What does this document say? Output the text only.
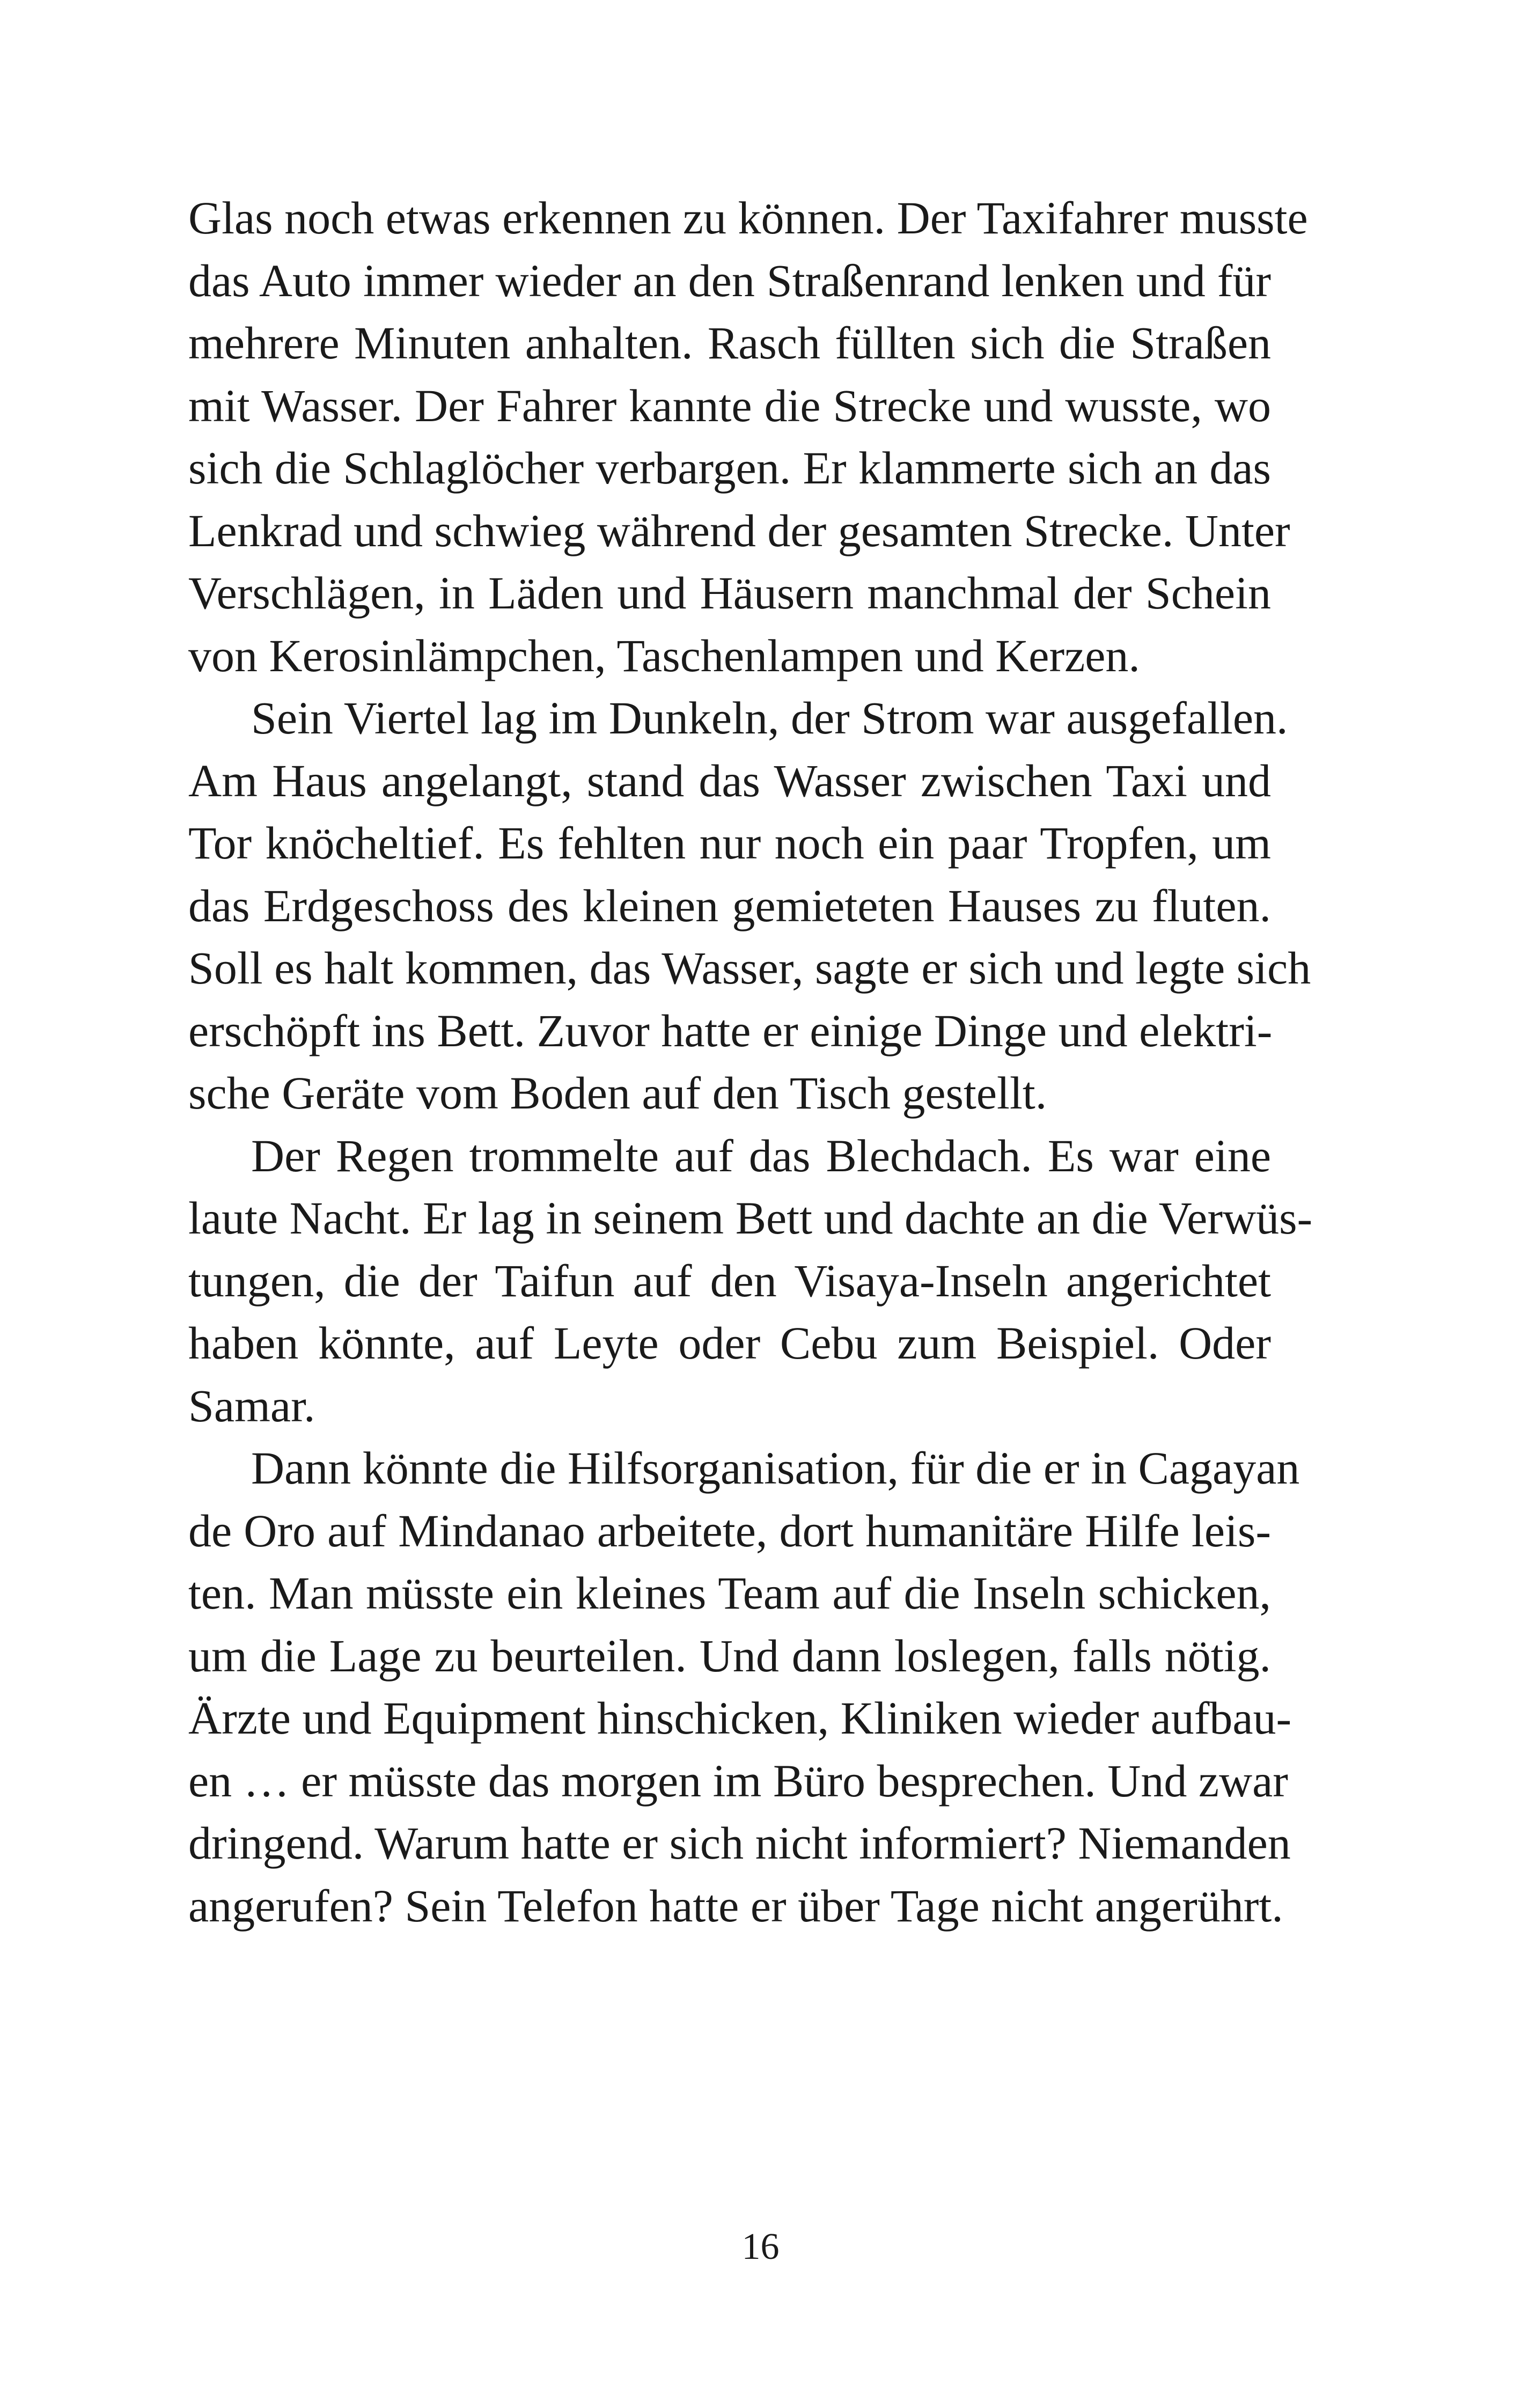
Glas noch etwas erkennen zu können. Der Taxifahrer musste
das Auto immer wieder an den Straßenrand lenken und für
mehrere Minuten anhalten. Rasch füllten sich die Straßen
mit Wasser. Der Fahrer kannte die Strecke und wusste, wo
sich die Schlaglöcher verbargen. Er klammerte sich an das
Lenkrad und schwieg während der gesamten Strecke. Unter
Verschlägen, in Läden und Häusern manchmal der Schein
von Kerosinlämpchen, Taschenlampen und Kerzen.
Sein Viertel lag im Dunkeln, der Strom war ausgefallen.
Am Haus angelangt, stand das Wasser zwischen Taxi und
Tor knöcheltief. Es fehlten nur noch ein paar Tropfen, um
das Erdgeschoss des kleinen gemieteten Hauses zu fluten.
Soll es halt kommen, das Wasser, sagte er sich und legte sich
erschöpft ins Bett. Zuvor hatte er einige Dinge und elektri-
sche Geräte vom Boden auf den Tisch gestellt.
Der Regen trommelte auf das Blechdach. Es war eine
laute Nacht. Er lag in seinem Bett und dachte an die Verwüs-
tungen, die der Taifun auf den Visaya-Inseln angerichtet
haben könnte, auf Leyte oder Cebu zum Beispiel. Oder
Samar.
Dann könnte die Hilfsorganisation, für die er in Cagayan
de Oro auf Mindanao arbeitete, dort humanitäre Hilfe leis-
ten. Man müsste ein kleines Team auf die Inseln schicken,
um die Lage zu beurteilen. Und dann loslegen, falls nötig.
Ärzte und Equipment hinschicken, Kliniken wieder aufbau-
en … er müsste das morgen im Büro besprechen. Und zwar
dringend. Warum hatte er sich nicht informiert? Niemanden
angerufen? Sein Telefon hatte er über Tage nicht angerührt.
16
